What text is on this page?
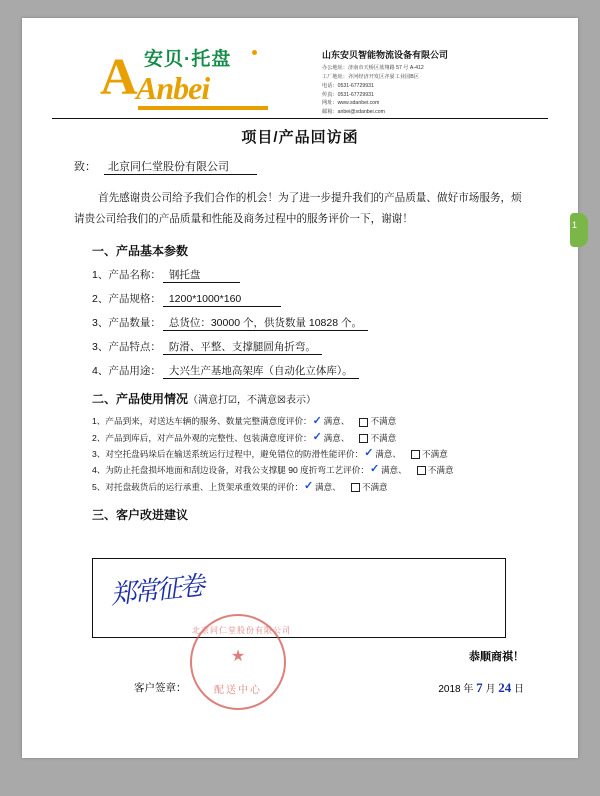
A 安贝·托盘
Anbei
山东安贝智能物流设备有限公司
办公地址：济南市天桥区蓝翔路 57 号 A-412
工厂地址：齐河经济开发区齐晏工业园B区
电话：0531-67729931
传真：0531-67729931
网址：www.sdanbei.com
邮箱：anbei@sdanbei.com
项目/产品回访函
致： 北京同仁堂股份有限公司
首先感谢贵公司给予我们合作的机会！为了进一步提升我们的产品质量、做好市场服务，烦请贵公司给我们的产品质量和性能及商务过程中的服务评价一下，谢谢！
一、产品基本参数
1、产品名称： 钢托盘
2、产品规格： 1200*1000*160
3、产品数量： 总货位：30000 个，供货数量 10828 个。
3、产品特点： 防滑、平整、支撑腿圆角折弯。
4、产品用途： 大兴生产基地高架库（自动化立体库）。
二、产品使用情况（满意打☑，不满意☒表示）
1、 产品到来，对送达车辆的服务、数量完整满意度评价： ✓ 满意 、 不满意
2、 产品到库后，对产品外观的完整性、包装满意度评价： ✓ 满意 、 不满意
3、 对空托盘码垛后在输送系统运行过程中，避免错位的防滑性能评价： ✓ 满意 、 不满意
4、 为防止托盘损坏地面和刮边设备，对我公支撑腿 90 度折弯工艺评价： ✓ 满意 、 不满意
5、 对托盘载货后的运行承重、上货架承重效果的评价： ✓ 满意 、 不满意
三、客户改进建议
郑常征卷
北京同仁堂股份有限公司
★
配送中心
恭顺商祺！
客户签章：	2018 年 7 月 24 日
1
